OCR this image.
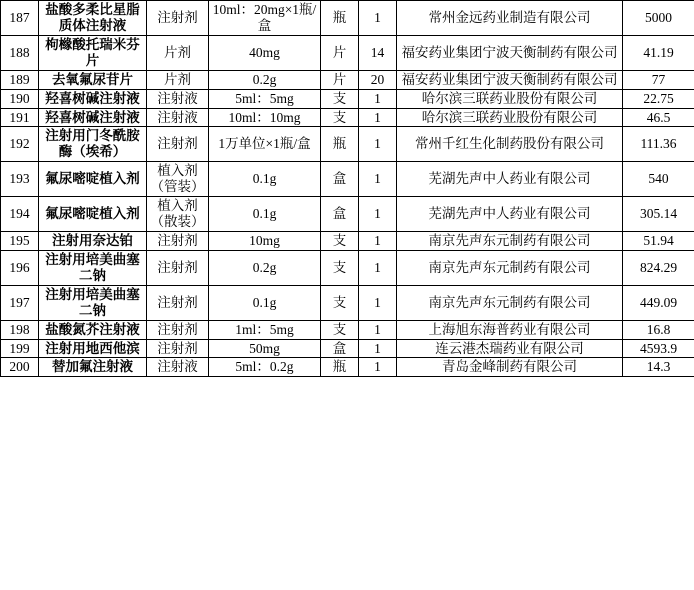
187	盐酸多柔比星脂质体注射液	注射剂	10ml：20mg×1瓶/盒	瓶	1	常州金远药业制造有限公司	5000
188	枸橼酸托瑞米芬片	片剂	40mg	片	14	福安药业集团宁波天衡制药有限公司	41.19
189	去氧氟尿苷片	片剂	0.2g	片	20	福安药业集团宁波天衡制药有限公司	77
190	羟喜树碱注射液	注射液	5ml：5mg	支	1	哈尔滨三联药业股份有限公司	22.75
191	羟喜树碱注射液	注射液	10ml：10mg	支	1	哈尔滨三联药业股份有限公司	46.5
192	注射用门冬酰胺酶（埃希）	注射剂	1万单位×1瓶/盒	瓶	1	常州千红生化制药股份有限公司	111.36
193	氟尿嘧啶植入剂	植入剂（管装）	0.1g	盒	1	芜湖先声中人药业有限公司	540
194	氟尿嘧啶植入剂	植入剂（散装）	0.1g	盒	1	芜湖先声中人药业有限公司	305.14
195	注射用奈达铂	注射剂	10mg	支	1	南京先声东元制药有限公司	51.94
196	注射用培美曲塞二钠	注射剂	0.2g	支	1	南京先声东元制药有限公司	824.29
197	注射用培美曲塞二钠	注射剂	0.1g	支	1	南京先声东元制药有限公司	449.09
198	盐酸氮芥注射液	注射剂	1ml：5mg	支	1	上海旭东海普药业有限公司	16.8
199	注射用地西他滨	注射剂	50mg	盒	1	连云港杰瑞药业有限公司	4593.9
200	替加氟注射液	注射液	5ml：0.2g	瓶	1	青岛金峰制药有限公司	14.3
